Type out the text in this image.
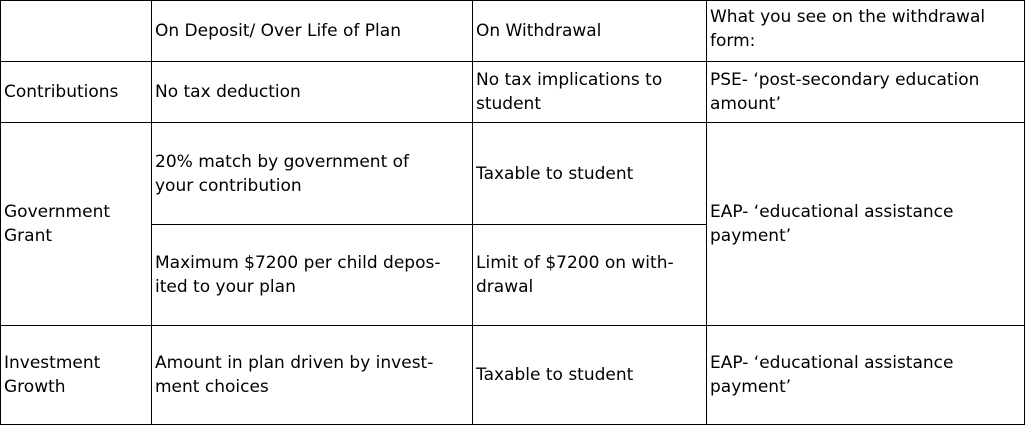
	On Deposit/ Over Life of Plan	On Withdrawal	What you see on the withdrawal
form:

Contributions	No tax deduction	No tax implications to
student	PSE- ‘post-secondary education
amount’

Government
Grant	20% match by government of
your contribution	Taxable to student	EAP- ‘educational assistance
payment’

	Maximum $7200 per child depos-
ited to your plan	Limit of $7200 on with-
drawal	

Investment
Growth	Amount in plan driven by invest-
ment choices	Taxable to student	EAP- ‘educational assistance
payment’
